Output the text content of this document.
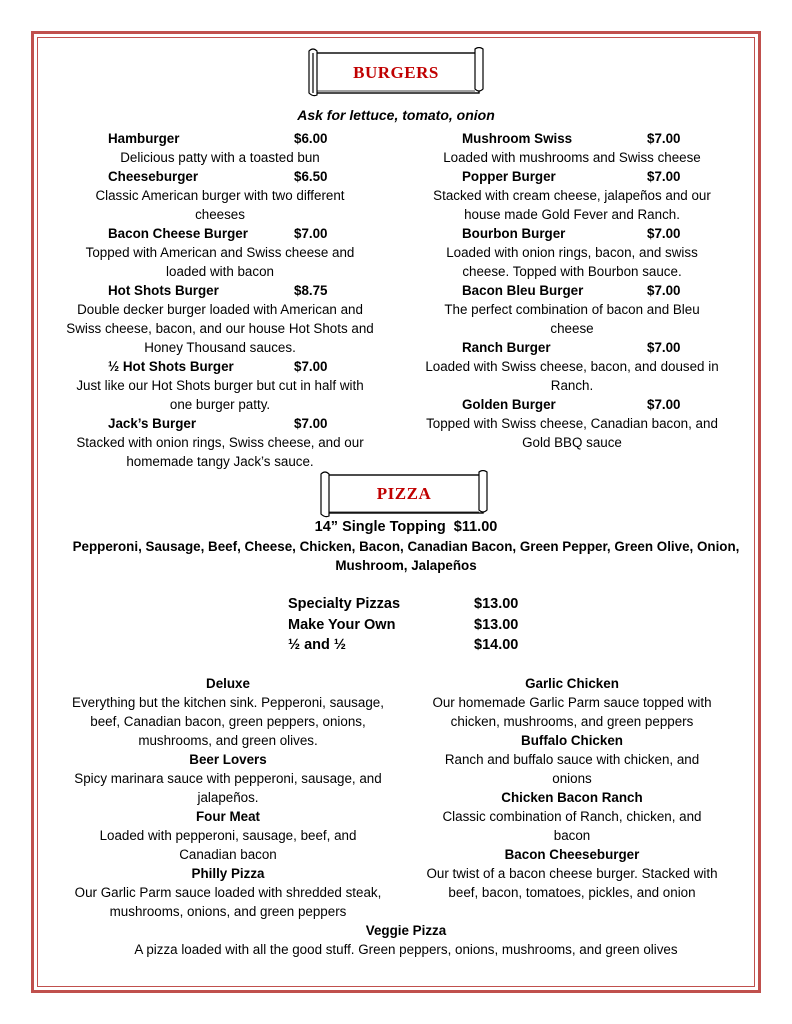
BURGERS
Ask for lettuce, tomato, onion
Hamburger	$6.00
Delicious patty with a toasted bun
Cheeseburger	$6.50
Classic American burger with two different cheeses
Bacon Cheese Burger	$7.00
Topped with American and Swiss cheese and loaded with bacon
Hot Shots Burger	$8.75
Double decker burger loaded with American and Swiss cheese, bacon, and our house Hot Shots and Honey Thousand sauces.
½ Hot Shots Burger	$7.00
Just like our Hot Shots burger but cut in half with one burger patty.
Jack’s Burger	$7.00
Stacked with onion rings, Swiss cheese, and our homemade tangy Jack’s sauce.
Mushroom Swiss	$7.00
Loaded with mushrooms and Swiss cheese
Popper Burger	$7.00
Stacked with cream cheese, jalapeños and our house made Gold Fever and Ranch.
Bourbon Burger	$7.00
Loaded with onion rings, bacon, and swiss cheese. Topped with Bourbon sauce.
Bacon Bleu Burger	$7.00
The perfect combination of bacon and Bleu cheese
Ranch Burger	$7.00
Loaded with Swiss cheese, bacon, and doused in Ranch.
Golden Burger	$7.00
Topped with Swiss cheese, Canadian bacon, and Gold BBQ sauce
PIZZA
14” Single Topping  $11.00
Pepperoni, Sausage, Beef, Cheese, Chicken, Bacon, Canadian Bacon, Green Pepper, Green Olive, Onion, Mushroom, Jalapeños
Specialty Pizzas	$13.00
Make Your Own	$13.00
½ and ½	$14.00
Deluxe
Everything but the kitchen sink. Pepperoni, sausage, beef, Canadian bacon, green peppers, onions, mushrooms, and green olives.
Beer Lovers
Spicy marinara sauce with pepperoni, sausage, and jalapeños.
Four Meat
Loaded with pepperoni, sausage, beef, and Canadian bacon
Philly Pizza
Our Garlic Parm sauce loaded with shredded steak, mushrooms, onions, and green peppers
Garlic Chicken
Our homemade Garlic Parm sauce topped with chicken, mushrooms, and green peppers
Buffalo Chicken
Ranch and buffalo sauce with chicken, and onions
Chicken Bacon Ranch
Classic combination of Ranch, chicken, and bacon
Bacon Cheeseburger
Our twist of a bacon cheese burger. Stacked with beef, bacon, tomatoes, pickles, and onion
Veggie Pizza
A pizza loaded with all the good stuff. Green peppers, onions, mushrooms, and green olives
